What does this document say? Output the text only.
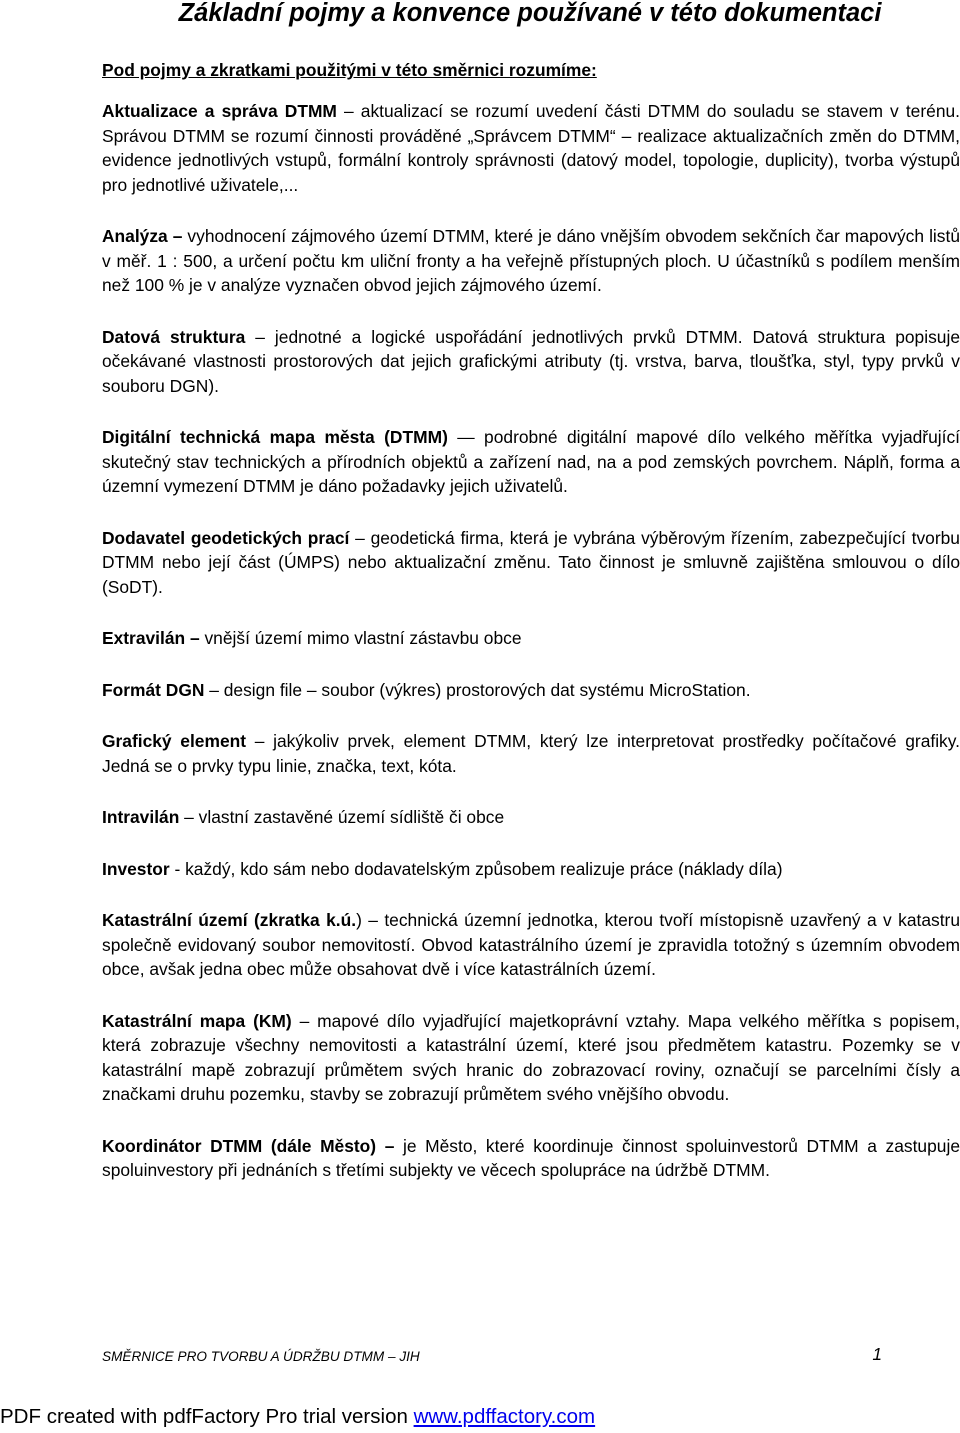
Základní pojmy a konvence používané v této dokumentaci

Pod pojmy a zkratkami použitými v této směrnici rozumíme:

Aktualizace a správa DTMM – aktualizací se rozumí uvedení části DTMM do souladu se stavem v terénu. Správou DTMM se rozumí činnosti prováděné „Správcem DTMM“ – realizace aktualizačních změn do DTMM, evidence jednotlivých vstupů, formální kontroly správnosti (datový model, topologie, duplicity), tvorba výstupů pro jednotlivé uživatele,...

Analýza – vyhodnocení zájmového území DTMM, které je dáno vnějším obvodem sekčních čar mapových listů v měř. 1 : 500, a určení počtu km uliční fronty a ha veřejně přístupných ploch. U účastníků s podílem menším než 100 % je v analýze vyznačen obvod jejich zájmového území.

Datová struktura – jednotné a logické uspořádání jednotlivých prvků DTMM. Datová struktura popisuje očekávané vlastnosti prostorových dat jejich grafickými atributy (tj. vrstva, barva, tloušťka, styl, typy prvků v souboru DGN).

Digitální technická mapa města (DTMM) — podrobné digitální mapové dílo velkého měřítka vyjadřující skutečný stav technických a přírodních objektů a zařízení nad, na a pod zemských povrchem. Náplň, forma a územní vymezení DTMM je dáno požadavky jejich uživatelů.

Dodavatel geodetických prací – geodetická firma, která je vybrána výběrovým řízením, zabezpečující tvorbu DTMM nebo její část (ÚMPS) nebo aktualizační změnu. Tato činnost je smluvně zajištěna smlouvou o dílo (SoDT).

Extravilán – vnější území mimo vlastní zástavbu obce

Formát DGN – design file – soubor (výkres) prostorových dat systému MicroStation.

Grafický element – jakýkoliv prvek, element DTMM, který lze interpretovat prostředky počítačové grafiky. Jedná se o prvky typu linie, značka, text, kóta.

Intravilán – vlastní zastavěné území sídliště či obce

Investor - každý, kdo sám nebo dodavatelským způsobem realizuje práce (náklady díla)

Katastrální území (zkratka k.ú.) – technická územní jednotka, kterou tvoří místopisně uzavřený a v katastru společně evidovaný soubor nemovitostí. Obvod katastrálního území je zpravidla totožný s územním obvodem obce, avšak jedna obec může obsahovat dvě i více katastrálních území.

Katastrální mapa (KM) – mapové dílo vyjadřující majetkoprávní vztahy. Mapa velkého měřítka s popisem, která zobrazuje všechny nemovitosti a katastrální území, které jsou předmětem katastru. Pozemky se v katastrální mapě zobrazují průmětem svých hranic do zobrazovací roviny, označují se parcelními čísly a značkami druhu pozemku, stavby se zobrazují průmětem svého vnějšího obvodu.

Koordinátor DTMM (dále Město) – je Město, které koordinuje činnost spoluinvestorů DTMM a zastupuje spoluinvestory při jednáních s třetími subjekty ve věcech spolupráce na údržbě DTMM.

SMĚRNICE PRO TVORBU A ÚDRŽBU DTMM – JIH	1
PDF created with pdfFactory Pro trial version www.pdffactory.com
